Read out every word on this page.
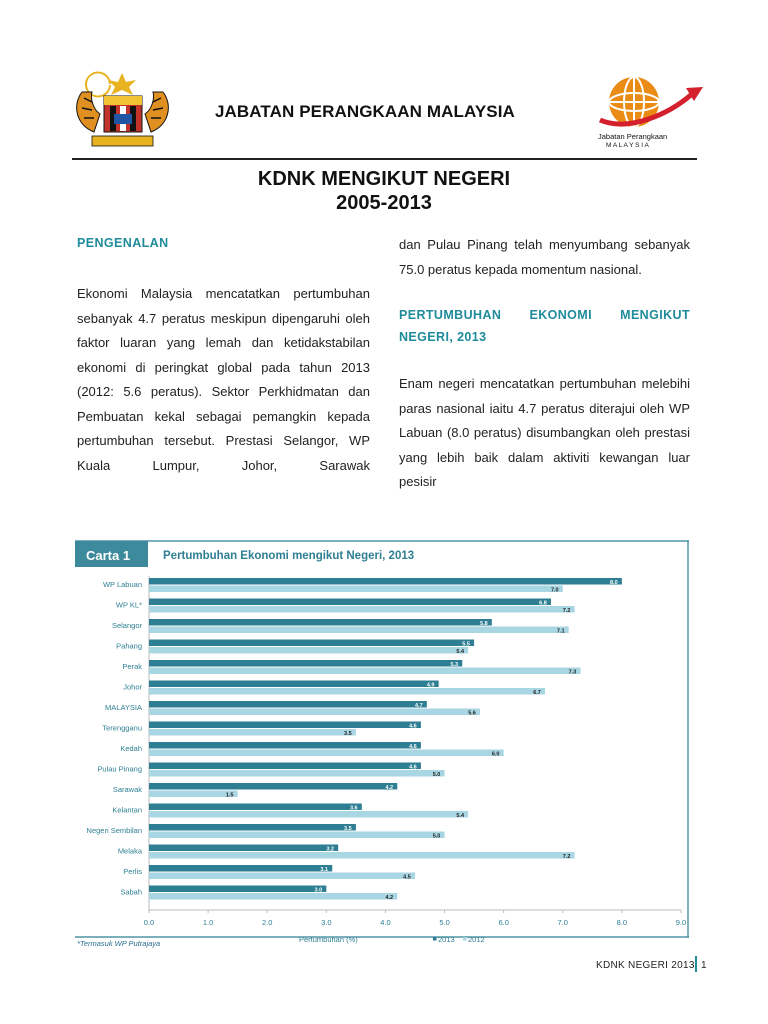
JABATAN PERANGKAAN MALAYSIA
Jabatan Perangkaan
M A L A Y S I A
KDNK MENGIKUT NEGERI
2005-2013
PENGENALAN
Ekonomi Malaysia mencatatkan pertumbuhan sebanyak 4.7 peratus meskipun dipengaruhi oleh faktor luaran yang lemah dan ketidakstabilan ekonomi di peringkat global pada tahun 2013 (2012: 5.6 peratus). Sektor Perkhidmatan dan Pembuatan kekal sebagai pemangkin kepada pertumbuhan tersebut. Prestasi Selangor, WP Kuala Lumpur, Johor, Sarawak
dan Pulau Pinang telah menyumbang sebanyak 75.0 peratus kepada momentum nasional.
PERTUMBUHAN EKONOMI MENGIKUT NEGERI, 2013
Enam negeri mencatatkan pertumbuhan melebihi paras nasional iaitu 4.7 peratus diterajui oleh WP Labuan (8.0 peratus) disumbangkan oleh prestasi yang lebih baik dalam aktiviti kewangan luar pesisir
Carta 1	Pertumbuhan Ekonomi mengikut Negeri, 2013
0.0	1.0	2.0	3.0	4.0	5.0	6.0	7.0	8.0	9.0
WP Labuan	8.0
7.0
WP KL*	6.8
7.2
Selangor	5.8
7.1
Pahang	5.5
5.4
Perak	5.3
7.3
Johor	4.9
6.7
MALAYSIA	4.7
5.6
Terengganu	4.6
3.5
Kedah	4.6
6.0
Pulau Pinang	4.6
5.0
Sarawak	4.2
1.5
Kelantan	3.6
5.4
Negeri Sembilan	3.5
5.0
Melaka	3.2
7.2
Perlis	3.1
4.5
Sabah	3.0
4.2
Pertumbuhan (%)	2013 2012
*Termasuk WP Putrajaya
KDNK NEGERI 2013 1
